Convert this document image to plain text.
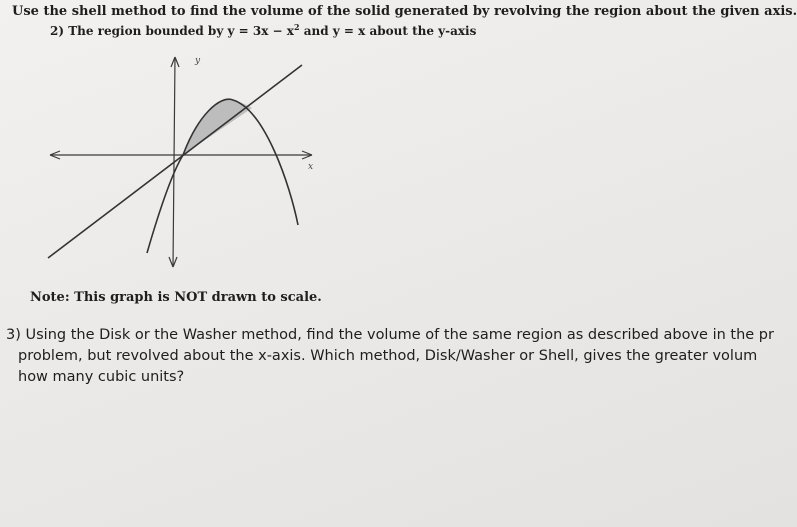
Use the shell method to find the volume of the solid generated by revolving the region about the given axis.
2) The region bounded by $y = 3x - x^2$ and y = x about the y-axis
x
y
Note: This graph is NOT drawn to scale.
3) Using the Disk or the Washer method, find the volume of the same region as described above in the pr
problem, but revolved about the x-axis. Which method, Disk/Washer or Shell, gives the greater volum
how many cubic units?
